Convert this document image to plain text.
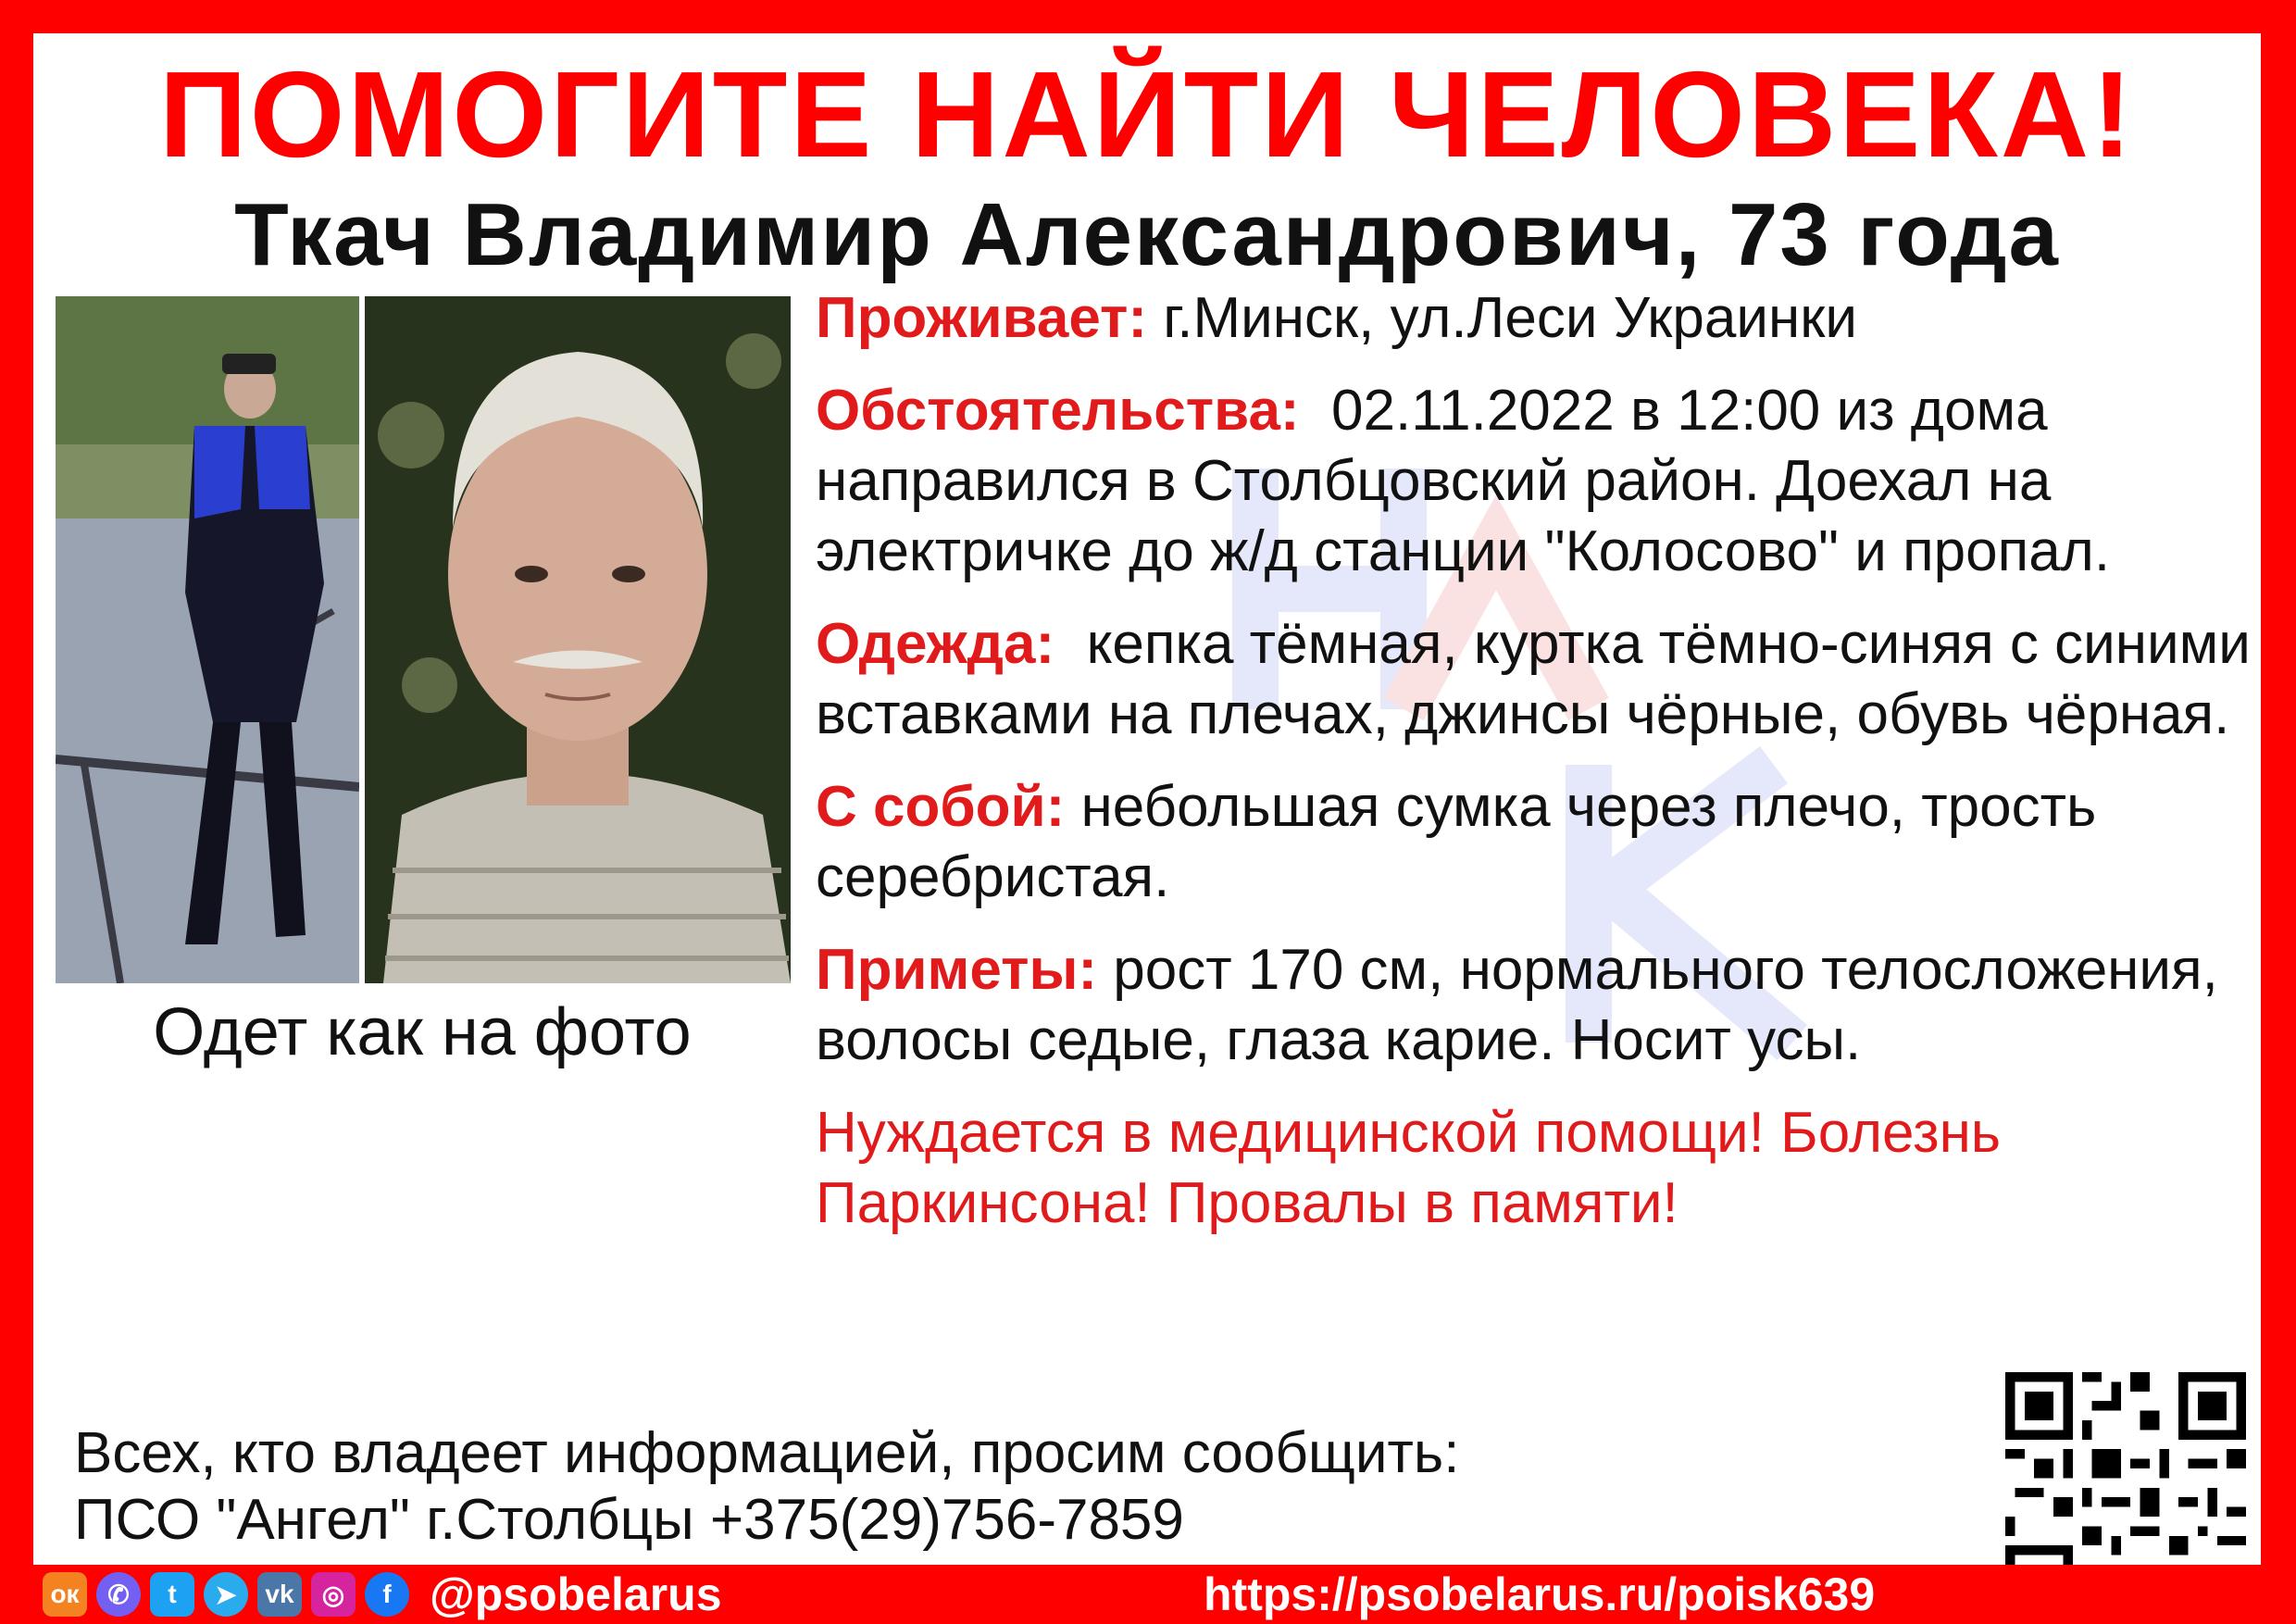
ПОМОГИТЕ НАЙТИ ЧЕЛОВЕКА!
Ткач Владимир Александрович, 73 года
Одет как на фото

Проживает: г.Минск, ул.Леси Украинки

Обстоятельства: 02.11.2022 в 12:00 из дома направился в Столбцовский район. Доехал на электричке до ж/д станции "Колосово" и пропал.

Одежда: кепка тёмная, куртка тёмно-синяя с синими вставками на плечах, джинсы чёрные, обувь чёрная.

С собой: небольшая сумка через плечо, трость серебристая.

Приметы: рост 170 см, нормального телосложения, волосы седые, глаза карие. Носит усы.

Нуждается в медицинской помощи! Болезнь Паркинсона! Провалы в памяти!

Всех, кто владеет информацией, просим сообщить:
ПСО "Ангел" г.Столбцы +375(29)756-7859
ок	✆	t	➤	vk	◎	f @psobelarus	https://psobelarus.ru/poisk639
